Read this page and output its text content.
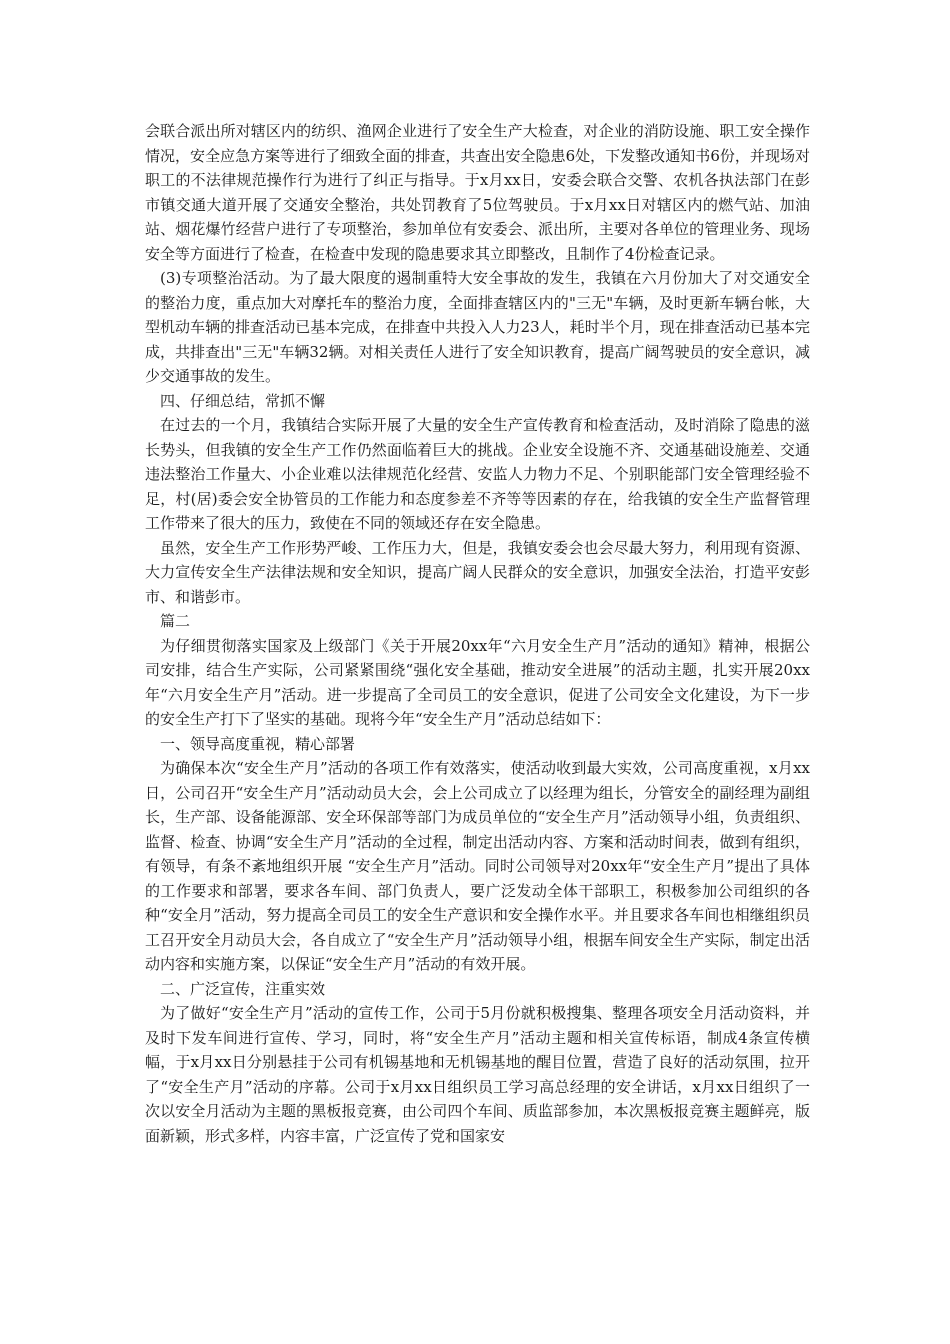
会联合派出所对辖区内的纺织、渔网企业进行了安全生产大检查，对企业的消防设施、职工安全操作情况，安全应急方案等进行了细致全面的排查，共查出安全隐患6处，下发整改通知书6份，并现场对职工的不法律规范操作行为进行了纠正与指导。于x月xx日，安委会联合交警、农机各执法部门在彭市镇交通大道开展了交通安全整治，共处罚教育了5位驾驶员。于x月xx日对辖区内的燃气站、加油站、烟花爆竹经营户进行了专项整治，参加单位有安委会、派出所，主要对各单位的管理业务、现场安全等方面进行了检查，在检查中发现的隐患要求其立即整改，且制作了4份检查记录。

(3)专项整治活动。为了最大限度的遏制重特大安全事故的发生，我镇在六月份加大了对交通安全的整治力度，重点加大对摩托车的整治力度，全面排查辖区内的"三无"车辆，及时更新车辆台帐，大型机动车辆的排查活动已基本完成，在排查中共投入人力23人，耗时半个月，现在排查活动已基本完成，共排查出"三无"车辆32辆。对相关责任人进行了安全知识教育，提高广阔驾驶员的安全意识，减少交通事故的发生。

四、仔细总结，常抓不懈

在过去的一个月，我镇结合实际开展了大量的安全生产宣传教育和检查活动，及时消除了隐患的滋长势头，但我镇的安全生产工作仍然面临着巨大的挑战。企业安全设施不齐、交通基础设施差、交通违法整治工作量大、小企业难以法律规范化经营、安监人力物力不足、个别职能部门安全管理经验不足，村(居)委会安全协管员的工作能力和态度参差不齐等等因素的存在，给我镇的安全生产监督管理工作带来了很大的压力，致使在不同的领域还存在安全隐患。

虽然，安全生产工作形势严峻、工作压力大，但是，我镇安委会也会尽最大努力，利用现有资源、大力宣传安全生产法律法规和安全知识，提高广阔人民群众的安全意识，加强安全法治，打造平安彭市、和谐彭市。

篇二

为仔细贯彻落实国家及上级部门《关于开展20xx年“六月安全生产月”活动的通知》精神，根据公司安排，结合生产实际，公司紧紧围绕“强化安全基础，推动安全进展”的活动主题，扎实开展20xx年“六月安全生产月”活动。进一步提高了全司员工的安全意识，促进了公司安全文化建设，为下一步的安全生产打下了坚实的基础。现将今年“安全生产月”活动总结如下：

一、领导高度重视，精心部署

为确保本次“安全生产月”活动的各项工作有效落实，使活动收到最大实效，公司高度重视，x月xx日，公司召开“安全生产月”活动动员大会，会上公司成立了以经理为组长，分管安全的副经理为副组长，生产部、设备能源部、安全环保部等部门为成员单位的“安全生产月”活动领导小组，负责组织、监督、检查、协调“安全生产月”活动的全过程，制定出活动内容、方案和活动时间表，做到有组织，有领导，有条不紊地组织开展 “安全生产月”活动。同时公司领导对20xx年“安全生产月”提出了具体的工作要求和部署，要求各车间、部门负责人，要广泛发动全体干部职工，积极参加公司组织的各种“安全月”活动，努力提高全司员工的安全生产意识和安全操作水平。并且要求各车间也相继组织员工召开安全月动员大会，各自成立了“安全生产月”活动领导小组，根据车间安全生产实际，制定出活动内容和实施方案，以保证“安全生产月”活动的有效开展。

二、广泛宣传，注重实效

为了做好“安全生产月”活动的宣传工作，公司于5月份就积极搜集、整理各项安全月活动资料，并及时下发车间进行宣传、学习，同时，将“安全生产月”活动主题和相关宣传标语，制成4条宣传横幅，于x月xx日分别悬挂于公司有机锡基地和无机锡基地的醒目位置，营造了良好的活动氛围，拉开了“安全生产月”活动的序幕。公司于x月xx日组织员工学习高总经理的安全讲话，x月xx日组织了一次以安全月活动为主题的黑板报竞赛，由公司四个车间、质监部参加，本次黑板报竞赛主题鲜亮，版面新颖，形式多样，内容丰富，广泛宣传了党和国家安
